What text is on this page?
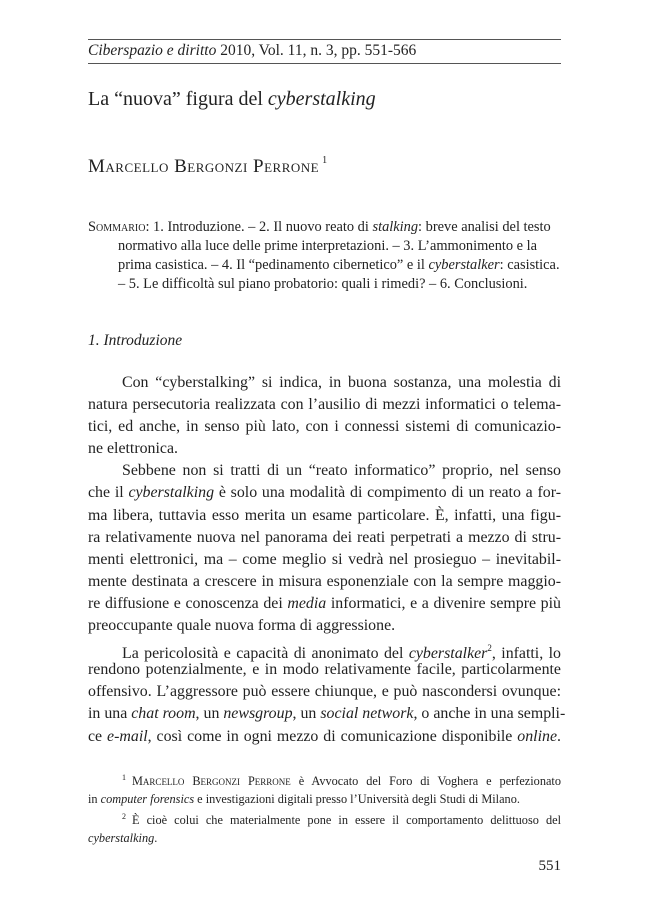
Ciberspazio e diritto 2010, Vol. 11, n. 3, pp. 551-566
La “nuova” figura del cyberstalking
Marcello Bergonzi Perrone $^1$
Sommario: 1. Introduzione. – 2. Il nuovo reato di stalking: breve analisi del testo
normativo alla luce delle prime interpretazioni. – 3. L’ammonimento e la
prima casistica. – 4. Il “pedinamento cibernetico” e il cyberstalker: casistica.
– 5. Le difficoltà sul piano probatorio: quali i rimedi? – 6. Conclusioni.
1. Introduzione
Con “cyberstalking” si indica, in buona sostanza, una molestia di
natura persecutoria realizzata con l’ausilio di mezzi informatici o telema-
tici, ed anche, in senso più lato, con i connessi sistemi di comunicazio-
ne elettronica.
Sebbene non si tratti di un “reato informatico” proprio, nel senso
che il cyberstalking è solo una modalità di compimento di un reato a for-
ma libera, tuttavia esso merita un esame particolare. È, infatti, una figu-
ra relativamente nuova nel panorama dei reati perpetrati a mezzo di stru-
menti elettronici, ma – come meglio si vedrà nel prosieguo – inevitabil-
mente destinata a crescere in misura esponenziale con la sempre maggio-
re diffusione e conoscenza dei media informatici, e a divenire sempre più
preoccupante quale nuova forma di aggressione.
La pericolosità e capacità di anonimato del cyberstalker$^2$, infatti, lo
rendono potenzialmente, e in modo relativamente facile, particolarmente
offensivo. L’aggressore può essere chiunque, e può nascondersi ovunque:
in una chat room, un newsgroup, un social network, o anche in una sempli-
ce e-mail, così come in ogni mezzo di comunicazione disponibile online.
$^1$ Marcello Bergonzi Perrone è Avvocato del Foro di Voghera e perfezionato
in computer forensics e investigazioni digitali presso l’Università degli Studi di Milano.
$^2$ È cioè colui che materialmente pone in essere il comportamento delittuoso del
cyberstalking.
551
